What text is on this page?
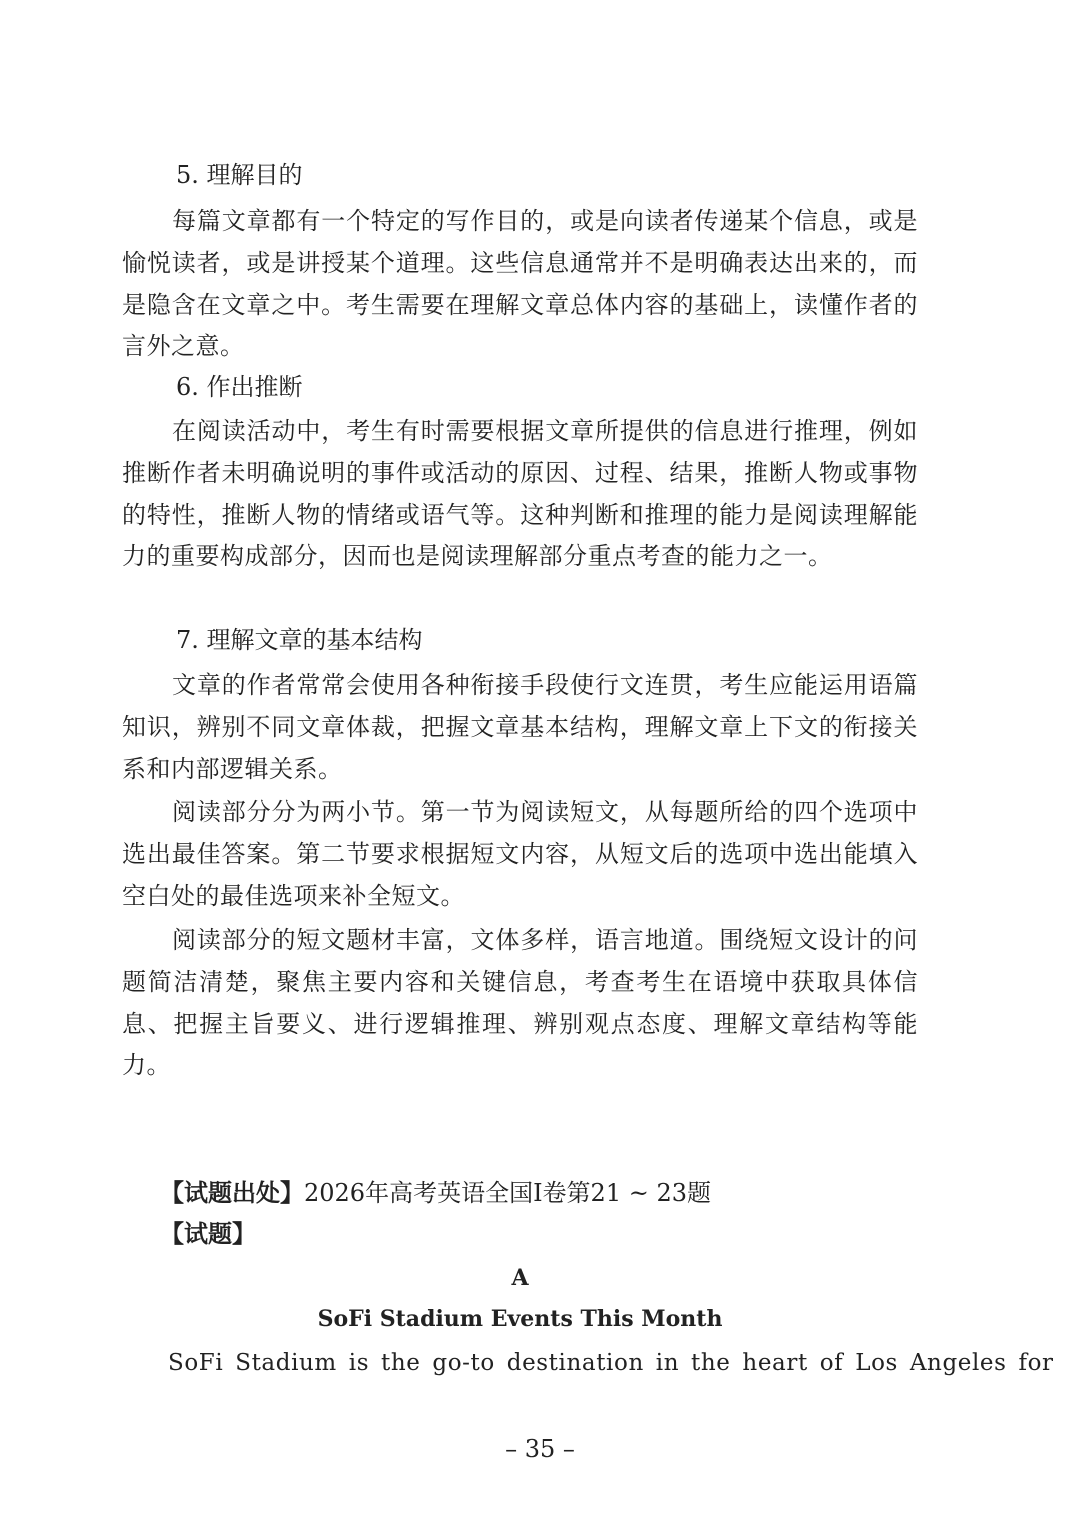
5. 理解目的

每篇文章都有一个特定的写作目的，或是向读者传递某个信息，或是愉悦读者，或是讲授某个道理。这些信息通常并不是明确表达出来的，而是隐含在文章之中。考生需要在理解文章总体内容的基础上，读懂作者的言外之意。

6. 作出推断

在阅读活动中，考生有时需要根据文章所提供的信息进行推理，例如推断作者未明确说明的事件或活动的原因、过程、结果，推断人物或事物的特性，推断人物的情绪或语气等。这种判断和推理的能力是阅读理解能力的重要构成部分，因而也是阅读理解部分重点考查的能力之一。

7. 理解文章的基本结构

文章的作者常常会使用各种衔接手段使行文连贯，考生应能运用语篇知识，辨别不同文章体裁，把握文章基本结构，理解文章上下文的衔接关系和内部逻辑关系。

阅读部分分为两小节。第一节为阅读短文，从每题所给的四个选项中选出最佳答案。第二节要求根据短文内容，从短文后的选项中选出能填入空白处的最佳选项来补全短文。

阅读部分的短文题材丰富，文体多样，语言地道。围绕短文设计的问题简洁清楚，聚焦主要内容和关键信息，考查考生在语境中获取具体信息、把握主旨要义、进行逻辑推理、辨别观点态度、理解文章结构等能力。

【试题出处】2026年高考英语全国I卷第21 ~ 23题
【试题】
A
SoFi Stadium Events This Month

SoFi Stadium is the go-to destination in the heart of Los Angeles for

– 35 –
